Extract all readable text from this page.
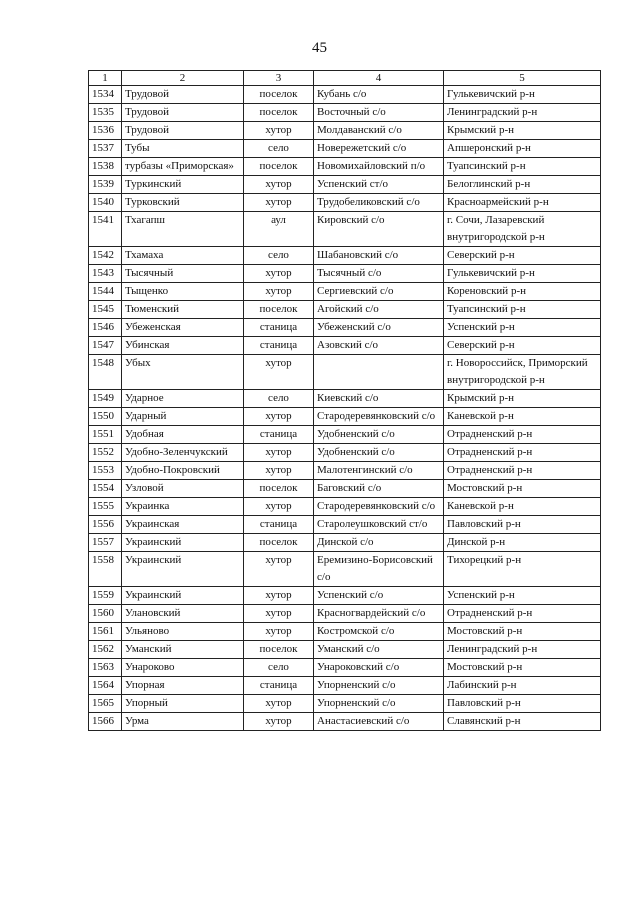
45
1	2	3	4	5
1534	Трудовой	поселок	Кубань с/о	Гулькевичский р-н
1535	Трудовой	поселок	Восточный с/о	Ленинградский р-н
1536	Трудовой	хутор	Молдаванский с/о	Крымский р-н
1537	Тубы	село	Новережетский с/о	Апшеронский р-н
1538	турбазы «Приморская»	поселок	Новомихайловский п/о	Туапсинский р-н
1539	Туркинский	хутор	Успенский ст/о	Белоглинский р-н
1540	Турковский	хутор	Трудобеликовский с/о	Красноармейский р-н
1541	Тхагапш	аул	Кировский с/о	г. Сочи, Лазаревский внутригородской р-н
1542	Тхамаха	село	Шабановский с/о	Северский р-н
1543	Тысячный	хутор	Тысячный с/о	Гулькевичский р-н
1544	Тыщенко	хутор	Сергиевский с/о	Кореновский р-н
1545	Тюменский	поселок	Агойский с/о	Туапсинский р-н
1546	Убеженская	станица	Убеженский с/о	Успенский р-н
1547	Убинская	станица	Азовский с/о	Северский р-н
1548	Убых	хутор		г. Новороссийск, Приморский внутригородской р-н
1549	Ударное	село	Киевский с/о	Крымский р-н
1550	Ударный	хутор	Стародеревянковский с/о	Каневской р-н
1551	Удобная	станица	Удобненский с/о	Отрадненский р-н
1552	Удобно-Зеленчукский	хутор	Удобненский с/о	Отрадненский р-н
1553	Удобно-Покровский	хутор	Малотенгинский с/о	Отрадненский р-н
1554	Узловой	поселок	Баговский с/о	Мостовский р-н
1555	Украинка	хутор	Стародеревянковский с/о	Каневской р-н
1556	Украинская	станица	Старолеушковский ст/о	Павловский р-н
1557	Украинский	поселок	Динской с/о	Динской р-н
1558	Украинский	хутор	Еремизино-Борисовский с/о	Тихорецкий р-н
1559	Украинский	хутор	Успенский с/о	Успенский р-н
1560	Улановский	хутор	Красногвардейский с/о	Отрадненский р-н
1561	Ульяново	хутор	Костромской с/о	Мостовский р-н
1562	Уманский	поселок	Уманский с/о	Ленинградский р-н
1563	Унароково	село	Унароковский с/о	Мостовский р-н
1564	Упорная	станица	Упорненский с/о	Лабинский р-н
1565	Упорный	хутор	Упорненский с/о	Павловский р-н
1566	Урма	хутор	Анастасиевский с/о	Славянский р-н
